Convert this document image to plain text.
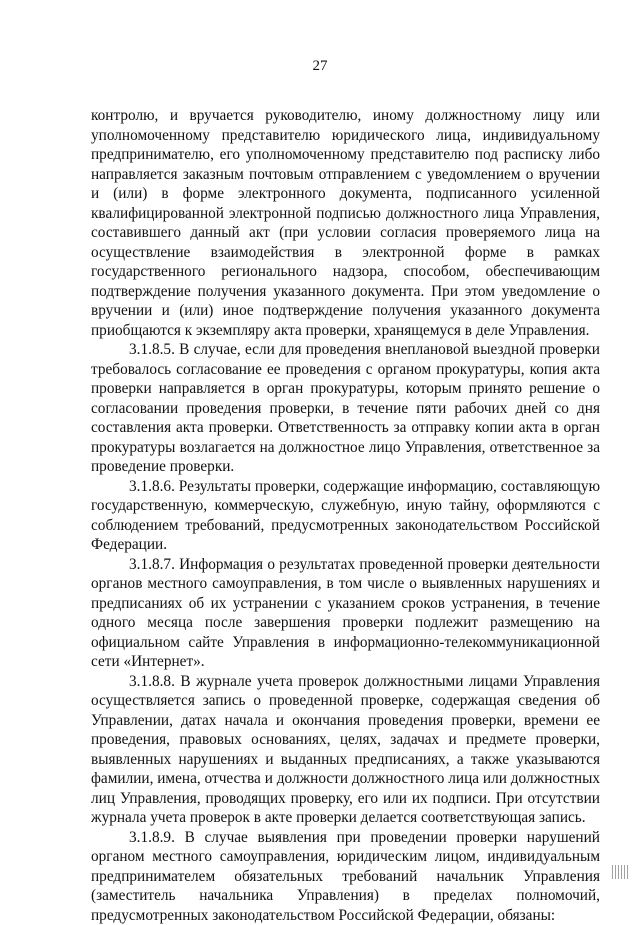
27

контролю, и вручается руководителю, иному должностному лицу или уполномоченному представителю юридического лица, индивидуальному предпринимателю, его уполномоченному представителю под расписку либо направляется заказным почтовым отправлением с уведомлением о вручении и (или) в форме электронного документа, подписанного усиленной квалифицированной электронной подписью должностного лица Управления, составившего данный акт (при условии согласия проверяемого лица на осуществление взаимодействия в электронной форме в рамках государственного регионального надзора, способом, обеспечивающим подтверждение получения указанного документа. При этом уведомление о вручении и (или) иное подтверждение получения указанного документа приобщаются к экземпляру акта проверки, хранящемуся в деле Управления.

3.1.8.5. В случае, если для проведения внеплановой выездной проверки требовалось согласование ее проведения с органом прокуратуры, копия акта проверки направляется в орган прокуратуры, которым принято решение о согласовании проведения проверки, в течение пяти рабочих дней со дня составления акта проверки. Ответственность за отправку копии акта в орган прокуратуры возлагается на должностное лицо Управления, ответственное за проведение проверки.

3.1.8.6. Результаты проверки, содержащие информацию, составляющую государственную, коммерческую, служебную, иную тайну, оформляются с соблюдением требований, предусмотренных законодательством Российской Федерации.

3.1.8.7. Информация о результатах проведенной проверки деятельности органов местного самоуправления, в том числе о выявленных нарушениях и предписаниях об их устранении с указанием сроков устранения, в течение одного месяца после завершения проверки подлежит размещению на официальном сайте Управления в информационно-телекоммуникационной сети «Интернет».

3.1.8.8. В журнале учета проверок должностными лицами Управления осуществляется запись о проведенной проверке, содержащая сведения об Управлении, датах начала и окончания проведения проверки, времени ее проведения, правовых основаниях, целях, задачах и предмете проверки, выявленных нарушениях и выданных предписаниях, а также указываются фамилии, имена, отчества и должности должностного лица или должностных лиц Управления, проводящих проверку, его или их подписи. При отсутствии журнала учета проверок в акте проверки делается соответствующая запись.

3.1.8.9. В случае выявления при проведении проверки нарушений органом местного самоуправления, юридическим лицом, индивидуальным предпринимателем обязательных требований начальник Управления (заместитель начальника Управления) в пределах полномочий, предусмотренных законодательством Российской Федерации, обязаны:
